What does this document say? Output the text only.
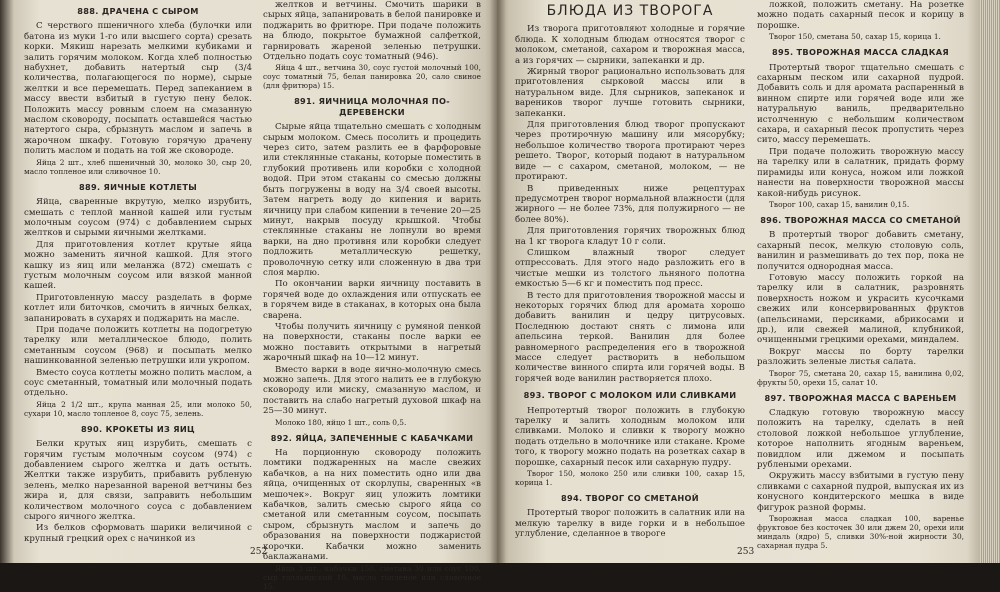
888. ДРАЧЕНА С СЫРОМ

С черствого пшеничного хлеба (булочки или батона из муки 1-го или высшего сорта) срезать корки. Мякиш нарезать мелкими кубиками и залить горячим молоком. Когда хлеб полностью набухнет, добавить натертый сыр (3/4 количества, полагающегося по норме), сырые желтки и все перемешать. Перед запеканием в массу ввести взбитый в густую пену белок. Положить массу ровным слоем на смазанную маслом сковороду, посыпать оставшейся частью натертого сыра, сбрызнуть маслом и запечь в жарочном шкафу. Готовую горячую драчену полить маслом и подать на той же сковороде.

Яйца 2 шт., хлеб пшеничный 30, молоко 30, сыр 20, масло топленое или сливочное 10.

889. ЯИЧНЫЕ КОТЛЕТЫ

Яйца, сваренные вкрутую, мелко изрубить, смешать с теплой манной кашей или густым молочным соусом (974) с добавлением сырых желтков и сырыми яичными желтками.

Для приготовления котлет крутые яйца можно заменить яичной кашкой. Для этого кашку из яиц или меланжа (872) смешать с густым молочным соусом или вязкой манной кашей.

Приготовленную массу разделать в форме котлет или биточков, смочить в яичных белках, запанировать в сухарях и поджарить на масле.

При подаче положить котлеты на подогретую тарелку или металлическое блюдо, полить сметанным соусом (968) и посыпать мелко нашинкованной зеленью петрушки или укропом.

Вместо соуса котлеты можно полить маслом, а соус сметанный, томатный или молочный подать отдельно.

Яйца 2 1/2 шт., крупа манная 25, или молоко 50, сухари 10, масло топленое 8, соус 75, зелень.

890. КРОКЕТЫ ИЗ ЯИЦ

Белки крутых яиц изрубить, смешать с горячим густым молочным соусом (974) с добавлением сырого желтка и дать остыть. Желтки также изрубить, прибавить рубленую зелень, мелко нарезанной вареной ветчины без жира и, для связи, заправить небольшим количеством молочного соуса с добавлением сырого яичного желтка.

Из белков сформовать шарики величиной с крупный грецкий орех с начинкой из

желтков и ветчины. Смочить шарики в сырых яйца, запанировать в белой панировке и поджарить во фритюре. При подаче положить на блюдо, покрытое бумажной салфеткой, гарнировать жареной зеленью петрушки. Отдельно подать соус томатный (946).

Яйца 4 шт., ветчина 30, соус густой молочный 100, соус томатный 75, белая панировка 20, сало свиное (для фритюра) 15.

891. ЯИЧНИЦА МОЛОЧНАЯ ПО-ДЕРЕВЕНСКИ

Сырые яйца тщательно смешать с холодным сырым молоком. Смесь посолить и процедить через сито, затем разлить ее в фарфоровые или стеклянные стаканы, которые поместить в глубокий противень или коробки с холодной водой. При этом стаканы со смесью должны быть погружены в воду на 3/4 своей высоты. Затем нагреть воду до кипения и варить яичницу при слабом кипении в течение 20—25 минут, накрыв посуду крышкой. Чтобы стеклянные стаканы не лопнули во время варки, на дно противня или коробки следует подложить металлическую решетку, проволочную сетку или сложенную в два три слоя марлю.

По окончании варки яичницу поставить в горячей воде до охлаждения или отпускать ее в горячем виде в стаканах, в которых она была сварена.

Чтобы получить яичницу с румяной пенкой на поверхности, стаканы после варки ее можно поставить открытыми в нагретый жарочный шкаф на 10—12 минут.

Вместо варки в воде яично-молочную смесь можно запечь. Для этого налить ее в глубокую сковороду или миску, смазанную маслом, и поставить на слабо нагретый духовой шкаф на 25—30 минут.

Молоко 180, яйцо 1 шт., соль 0,5.

892. ЯЙЦА, ЗАПЕЧЕННЫЕ С КАБАЧКАМИ

На порционную сковороду положить ломтики поджаренных на масле свежих кабачков, а на них поместить одно или два яйца, очищенных от скорлупы, сваренных «в мешочек». Вокруг яиц уложить ломтики кабачков, залить смесью сырого яйца со сметаной или сметанным соусом, посыпать сыром, сбрызнуть маслом и запечь до образования на поверхности поджаристой корочки. Кабачки можно заменить баклажанами.

Яйца 3 шт., кабачки 150, сметана 30 или соус 100, сыр голландский 10, масло топленое или сливочное 15.

252
БЛЮДА ИЗ ТВОРОГА

Из творога приготовляют холодные и горячие блюда. К холодным блюдам относятся творог с молоком, сметаной, сахаром и творожная масса, а из горячих — сырники, запеканки и др.

Жирный творог рационально использовать для приготовления сырковой массы или в натуральном виде. Для сырников, запеканок и вареников творог лучше готовить сырники, запеканки.

Для приготовления блюд творог пропускают через протирочную машину или мясорубку; небольшое количество творога протирают через решето. Творог, который подают в натуральном виде — с сахаром, сметаной, молоком, — не протирают.

В приведенных ниже рецептурах предусмотрен творог нормальной влажности (для жирного — не более 73%, для полужирного — не более 80%).

Для приготовления горячих творожных блюд на 1 кг творога кладут 10 г соли.

Слишком влажный творог следует отпрессовать. Для этого надо разложить его в чистые мешки из толстого льняного полотна емкостью 5—6 кг и поместить под пресс.

В тесто для приготовления творожной массы и некоторых горячих блюд для аромата хорошо добавить ванилин и цедру цитрусовых. Последнюю достают снять с лимона или апельсина теркой. Ванилин для более равномерного распределения его в творожной массе следует растворить в небольшом количестве винного спирта или горячей воды. В горячей воде ванилин растворяется плохо.

893. ТВОРОГ С МОЛОКОМ ИЛИ СЛИВКАМИ

Непротертый творог положить в глубокую тарелку и залить холодным молоком или сливками. Молоко и сливки к творогу можно подать отдельно в молочнике или стакане. Кроме того, к творогу можно подать на розетках сахар в порошке, сахарный песок или сахарную пудру.

Творог 150, молоко 250 или сливки 100, сахар 15, корица 1.

894. ТВОРОГ СО СМЕТАНОЙ

Протертый творог положить в салатник или на мелкую тарелку в виде горки и в небольшое углубление, сделанное в твороге

ложкой, положить сметану. На розетке можно подать сахарный песок и корицу в порошке.

Творог 150, сметана 50, сахар 15, корица 1.

895. ТВОРОЖНАЯ МАССА СЛАДКАЯ

Протертый творог тщательно смешать с сахарным песком или сахарной пудрой. Добавить соль и для аромата распаренный в винном спирте или горячей воде или же натуральную ваниль, предварительно истолченную с небольшим количеством сахара, и сахарный песок пропустить через сито, массу перемешать.

При подаче положить творожную массу на тарелку или в салатник, придать форму пирамиды или конуса, ножом или ложкой нанести на поверхности творожной массы какой-нибудь рисунок.

Творог 100, сахар 15, ванилин 0,15.

896. ТВОРОЖНАЯ МАССА СО СМЕТАНОЙ

В протертый творог добавить сметану, сахарный песок, мелкую столовую соль, ванилин и размешивать до тех пор, пока не получится однородная масса.

Готовую массу положить горкой на тарелку или в салатник, разровнять поверхность ножом и украсить кусочками свежих или консервированных фруктов (апельсинами, персиками, абрикосами и др.), или свежей малиной, клубникой, очищенными грецкими орехами, миндалем.

Вокруг массы по борту тарелки разложить зеленые листья салата.

Творог 75, сметана 20, сахар 15, ванилина 0,02, фрукты 50, орехи 15, салат 10.

897. ТВОРОЖНАЯ МАССА С ВАРЕНЬЕМ

Сладкую готовую творожную массу положить на тарелку, сделать в ней столовой ложкой небольшое углубление, которое наполнить ягодным вареньем, повидлом или джемом и посыпать рублеными орехами.

Окружить массу взбитыми в густую пену сливками с сахарной пудрой, выпуская их из конусного кондитерского мешка в виде фигурок разной формы.

Творожная масса сладкая 100, варенье фруктовое без косточек 30 или джем 20, орехи или миндаль (ядро) 5, сливки 30%-ной жирности 30, сахарная пудра 5.

253
